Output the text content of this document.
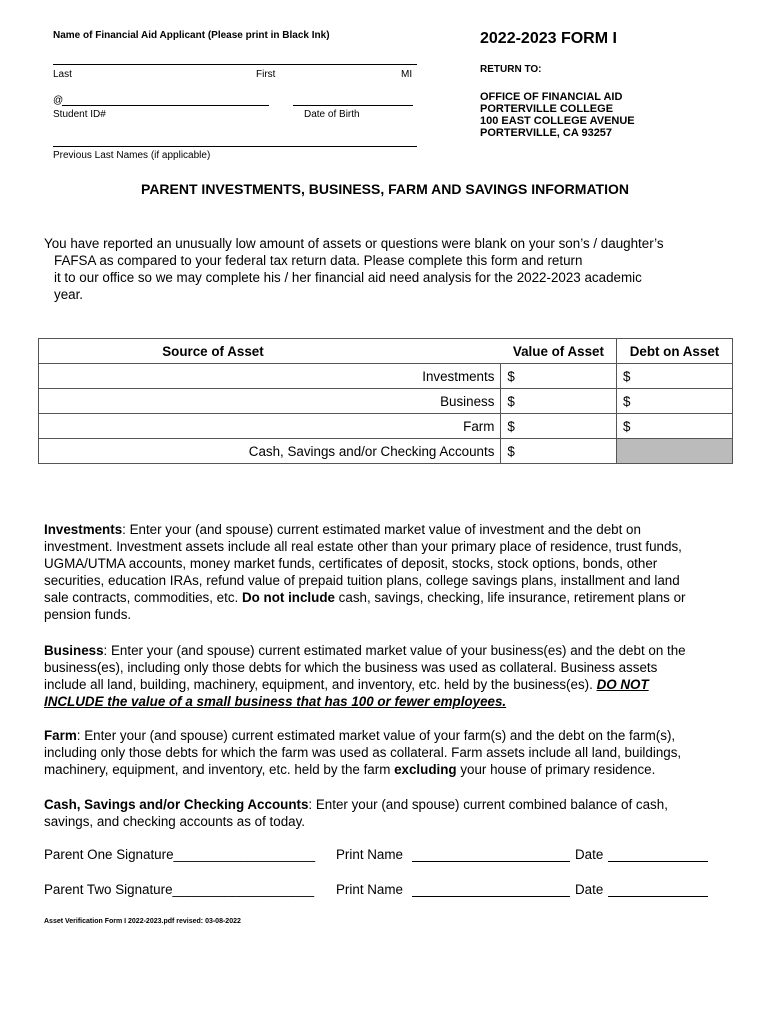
Name of Financial Aid Applicant (Please print in Black Ink)
Last	First	MI
@
Student ID#	Date of Birth
Previous Last Names (if applicable)
2022-2023 FORM I
RETURN TO:
OFFICE OF FINANCIAL AID
PORTERVILLE COLLEGE
100 EAST COLLEGE AVENUE
PORTERVILLE, CA 93257
PARENT INVESTMENTS, BUSINESS, FARM AND SAVINGS INFORMATION
You have reported an unusually low amount of assets or questions were blank on your son’s / daughter’s
FAFSA as compared to your federal tax return data. Please complete this form and return
it to our office so we may complete his / her financial aid need analysis for the 2022-2023 academic
year.
Source of Asset	Value of Asset	Debt on Asset
Investments	$	$
Business	$	$
Farm	$	$
Cash, Savings and/or Checking Accounts	$	
Investments: Enter your (and spouse) current estimated market value of investment and the debt on
investment. Investment assets include all real estate other than your primary place of residence, trust funds,
UGMA/UTMA accounts, money market funds, certificates of deposit, stocks, stock options, bonds, other
securities, education IRAs, refund value of prepaid tuition plans, college savings plans, installment and land
sale contracts, commodities, etc. Do not include cash, savings, checking, life insurance, retirement plans or
pension funds.
Business: Enter your (and spouse) current estimated market value of your business(es) and the debt on the
business(es), including only those debts for which the business was used as collateral. Business assets
include all land, building, machinery, equipment, and inventory, etc. held by the business(es). DO NOT
INCLUDE the value of a small business that has 100 or fewer employees.
Farm: Enter your (and spouse) current estimated market value of your farm(s) and the debt on the farm(s),
including only those debts for which the farm was used as collateral. Farm assets include all land, buildings,
machinery, equipment, and inventory, etc. held by the farm excluding your house of primary residence.
Cash, Savings and/or Checking Accounts: Enter your (and spouse) current combined balance of cash,
savings, and checking accounts as of today.
Parent One Signature___________________ Print Name	Date
Parent Two Signature___________________ Print Name	Date
Asset Verification Form I 2022-2023.pdf revised: 03-08-2022
